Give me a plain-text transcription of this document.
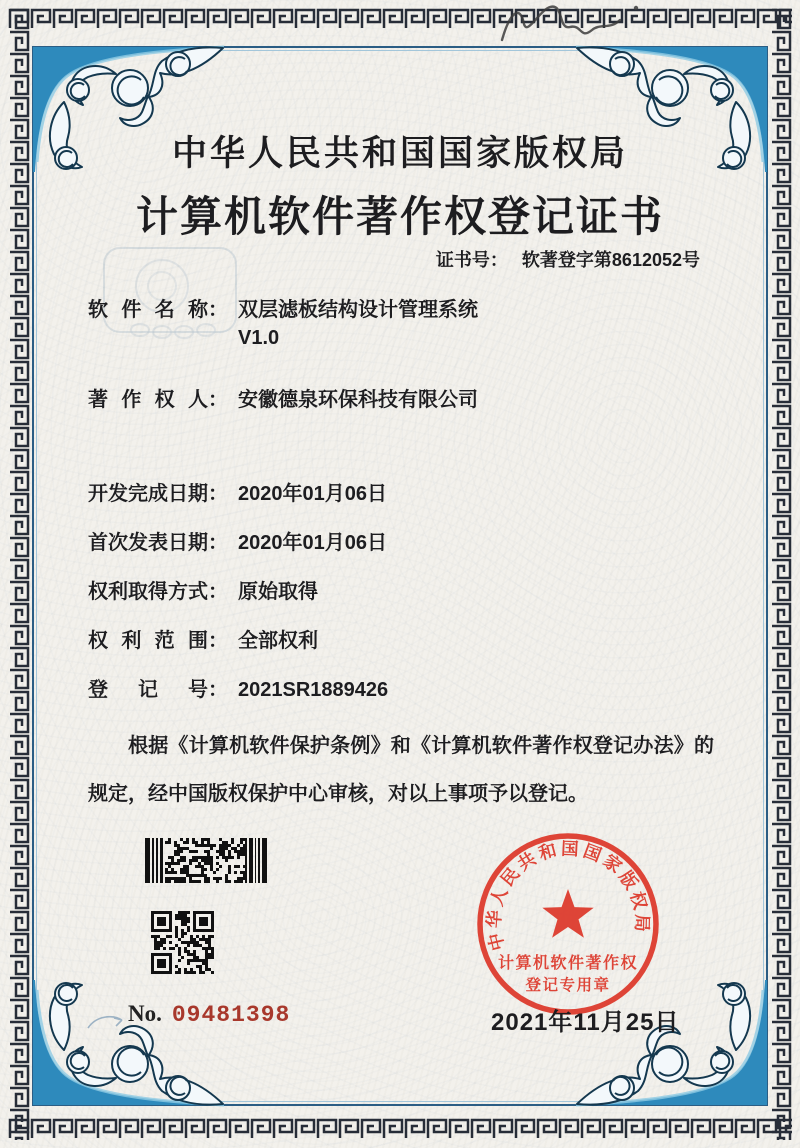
中华人民共和国国家版权局
计算机软件著作权登记证书
证书号： 软著登字第8612052号
软件名称 ： 双层滤板结构设计管理系统
V1.0
著作权人 ： 安徽德泉环保科技有限公司
开发完成日期 ： 2020年01月06日
首次发表日期 ： 2020年01月06日
权利取得方式 ： 原始取得
权利范围 ： 全部权利
登记号 ： 2021SR1889426
根据《计算机软件保护条例》和《计算机软件著作权登记办法》的规定，经中国版权保护中心审核，对以上事项予以登记。
No. 09481398
中华人民共和国国家版权局
计算机软件著作权
登记专用章
2021年11月25日
